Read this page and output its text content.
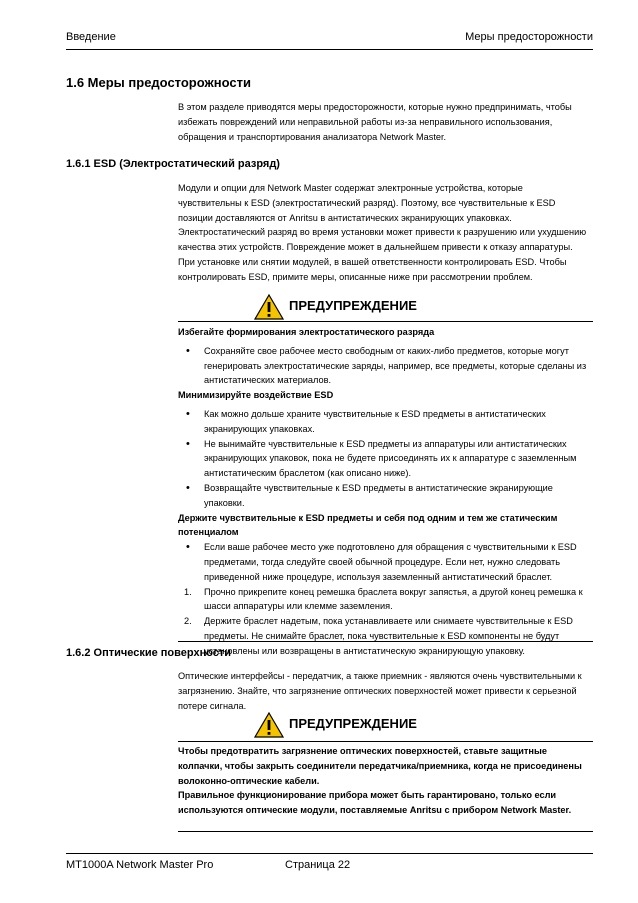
Введение	Меры предосторожности
1.6 Меры предосторожности
В этом разделе приводятся меры предосторожности, которые нужно предпринимать, чтобы избежать повреждений или неправильной работы из-за неправильного использования, обращения и транспортирования анализатора Network Master.
1.6.1 ESD (Электростатический разряд)
Модули и опции для Network Master содержат электронные устройства, которые чувствительны к ESD (электростатический разряд). Поэтому, все чувствительные к ESD позиции доставляются от Anritsu в антистатических экранирующих упаковках. Электростатический разряд во время установки может привести к разрушению или ухудшению качества этих устройств. Повреждение может в дальнейшем привести к отказу аппаратуры. При установке или снятии модулей, в вашей ответственности контролировать ESD. Чтобы контролировать ESD, примите меры, описанные ниже при рассмотрении проблем.
ПРЕДУПРЕЖДЕНИЕ
Избегайте формирования электростатического разряда
• Сохраняйте свое рабочее место свободным от каких-либо предметов, которые могут генерировать электростатические заряды, например, все предметы, которые сделаны из антистатических материалов.
Минимизируйте воздействие ESD
• Как можно дольше храните чувствительные к ESD предметы в антистатических экранирующих упаковках.
• Не вынимайте чувствительные к ESD предметы из аппаратуры или антистатических экранирующих упаковок, пока не будете присоединять их к аппаратуре с заземленным антистатическим браслетом (как описано ниже).
• Возвращайте чувствительные к ESD предметы в антистатические экранирующие упаковки.
Держите чувствительные к ESD предметы и себя под одним и тем же статическим потенциалом
• Если ваше рабочее место уже подготовлено для обращения с чувствительными к ESD предметами, тогда следуйте своей обычной процедуре. Если нет, нужно следовать приведенной ниже процедуре, используя заземленный антистатический браслет.
1. Прочно прикрепите конец ремешка браслета вокруг запястья, а другой конец ремешка к шасси аппаратуры или клемме заземления.
2. Держите браслет надетым, пока устанавливаете или снимаете чувствительные к ESD предметы. Не снимайте браслет, пока чувствительные к ESD компоненты не будут установлены или возвращены в антистатическую экранирующую упаковку.
1.6.2 Оптические поверхности
Оптические интерфейсы - передатчик, а также приемник - являются очень чувствительными к загрязнению. Знайте, что загрязнение оптических поверхностей может привести к серьезной потере сигнала.
ПРЕДУПРЕЖДЕНИЕ
Чтобы предотвратить загрязнение оптических поверхностей, ставьте защитные колпачки, чтобы закрыть соединители передатчика/приемника, когда не присоединены волоконно-оптические кабели.
Правильное функционирование прибора может быть гарантировано, только если используются оптические модули, поставляемые Anritsu с прибором Network Master.
MT1000A Network Master Pro	Страница 22
